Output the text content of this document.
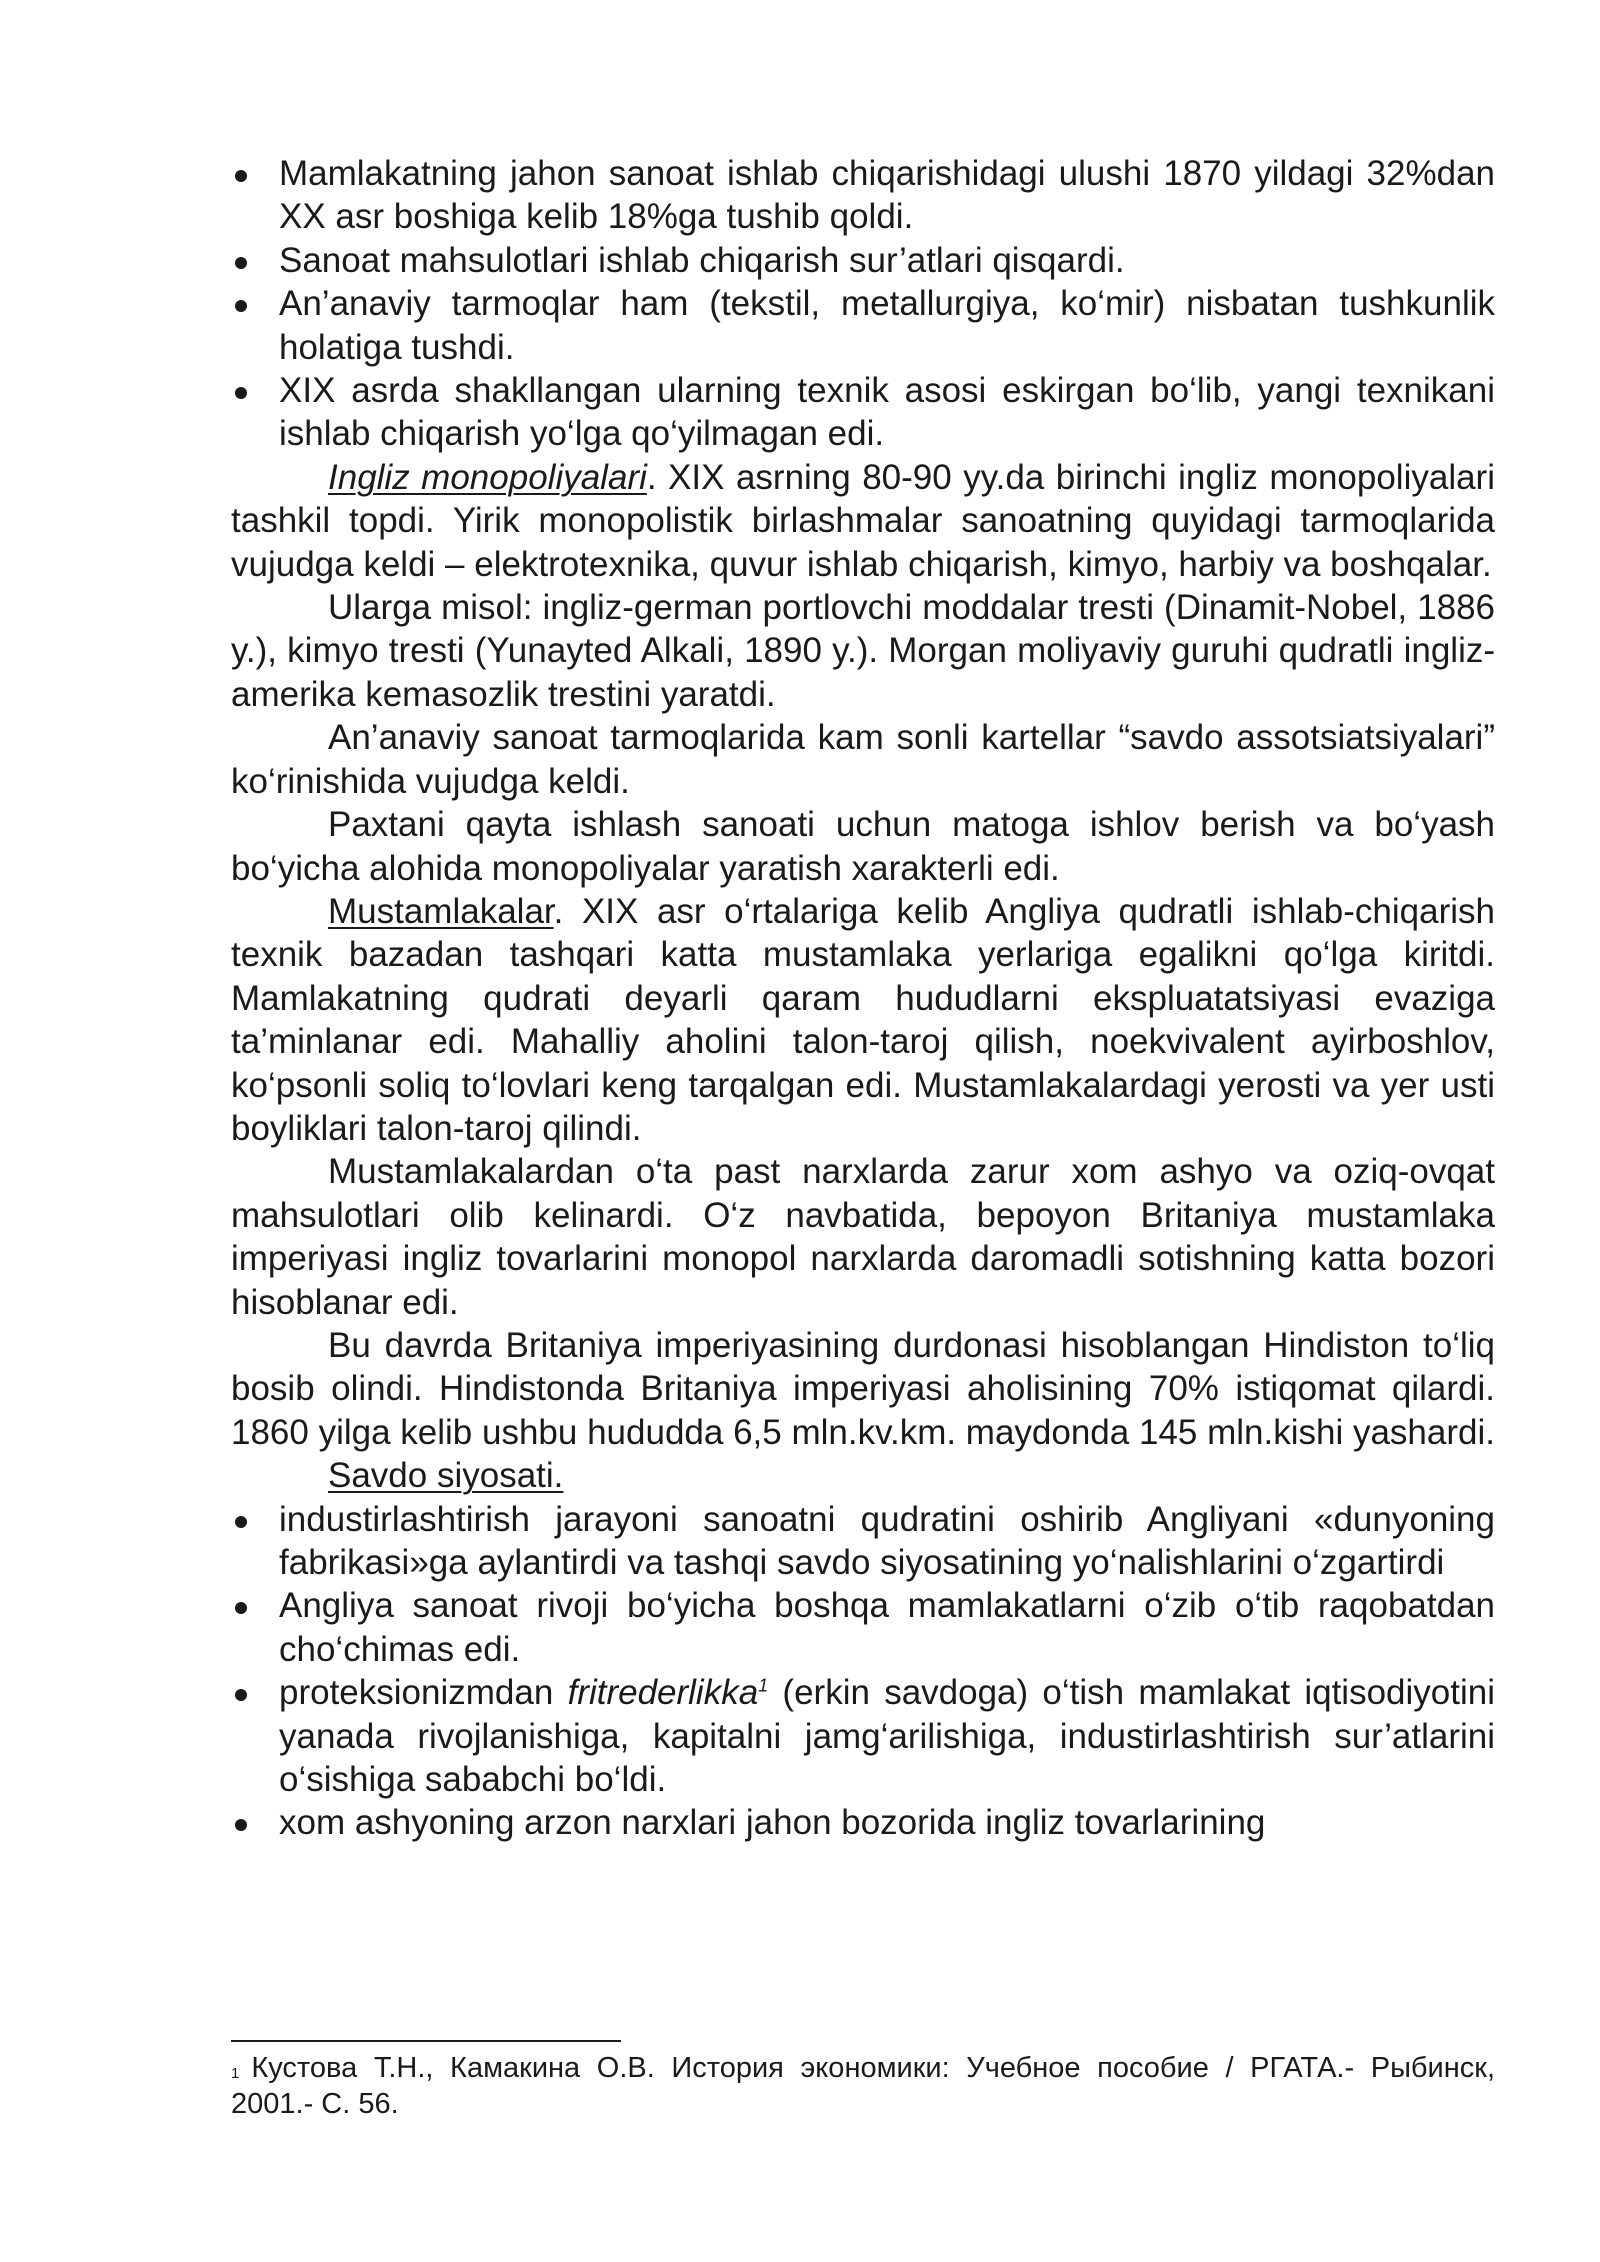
Mamlakatning jahon sanoat ishlab chiqarishidagi ulushi 1870 yildagi 32%dan XX asr boshiga kelib 18%ga tushib qoldi.
Sanoat mahsulotlari ishlab chiqarish sur’atlari qisqardi.
An’anaviy tarmoqlar ham (tekstil, metallurgiya, ko‘mir) nisbatan tushkunlik holatiga tushdi.
XIX asrda shakllangan ularning texnik asosi eskirgan bo‘lib, yangi texnikani ishlab chiqarish yo‘lga qo‘yilmagan edi.

Ingliz monopoliyalari. XIX asrning 80-90 yy.da birinchi ingliz monopoliyalari tashkil topdi. Yirik monopolistik birlashmalar sanoatning quyidagi tarmoqlarida vujudga keldi – elektrotexnika, quvur ishlab chiqarish, kimyo, harbiy va boshqalar.

Ularga misol: ingliz-german portlovchi moddalar tresti (Dinamit-Nobel, 1886 y.), kimyo tresti (Yunayted Alkali, 1890 y.). Morgan moliyaviy guruhi qudratli ingliz-amerika kemasozlik trestini yaratdi.

An’anaviy sanoat tarmoqlarida kam sonli kartellar “savdo assotsiatsiyalari” ko‘rinishida vujudga keldi.

Paxtani qayta ishlash sanoati uchun matoga ishlov berish va bo‘yash bo‘yicha alohida monopoliyalar yaratish xarakterli edi.

Mustamlakalar. XIX asr o‘rtalariga kelib Angliya qudratli ishlab-chiqarish texnik bazadan tashqari katta mustamlaka yerlariga egalikni qo‘lga kiritdi. Mamlakatning qudrati deyarli qaram hududlarni ekspluatatsiyasi evaziga ta’minlanar edi. Mahalliy aholini talon-taroj qilish, noekvivalent ayirboshlov, ko‘psonli soliq to‘lovlari keng tarqalgan edi. Mustamlakalardagi yerosti va yer usti boyliklari talon-taroj qilindi.

Mustamlakalardan o‘ta past narxlarda zarur xom ashyo va oziq-ovqat mahsulotlari olib kelinardi. O‘z navbatida, bepoyon Britaniya mustamlaka imperiyasi ingliz tovarlarini monopol narxlarda daromadli sotishning katta bozori hisoblanar edi.

Bu davrda Britaniya imperiyasining durdonasi hisoblangan Hindiston to‘liq bosib olindi. Hindistonda Britaniya imperiyasi aholisining 70% istiqomat qilardi. 1860 yilga kelib ushbu hududda 6,5 mln.kv.km. maydonda 145 mln.kishi yashardi.

Savdo siyosati.

industirlashtirish jarayoni sanoatni qudratini oshirib Angliyani «dunyoning fabrikasi»ga aylantirdi va tashqi savdo siyosatining yo‘nalishlarini o‘zgartirdi
Angliya sanoat rivoji bo‘yicha boshqa mamlakatlarni o‘zib o‘tib raqobatdan cho‘chimas edi.
proteksionizmdan fritrederlikka$^1$ (erkin savdoga) o‘tish mamlakat iqtisodiyotini yanada rivojlanishiga, kapitalni jamg‘arilishiga, industirlashtirish sur’atlarini o‘sishiga sababchi bo‘ldi.
xom ashyoning arzon narxlari jahon bozorida ingliz tovarlarining
$^1$ Кустова Т.Н., Камакина О.В. История экономики: Учебное пособие / РГАТА.- Рыбинск, 2001.- С. 56.
